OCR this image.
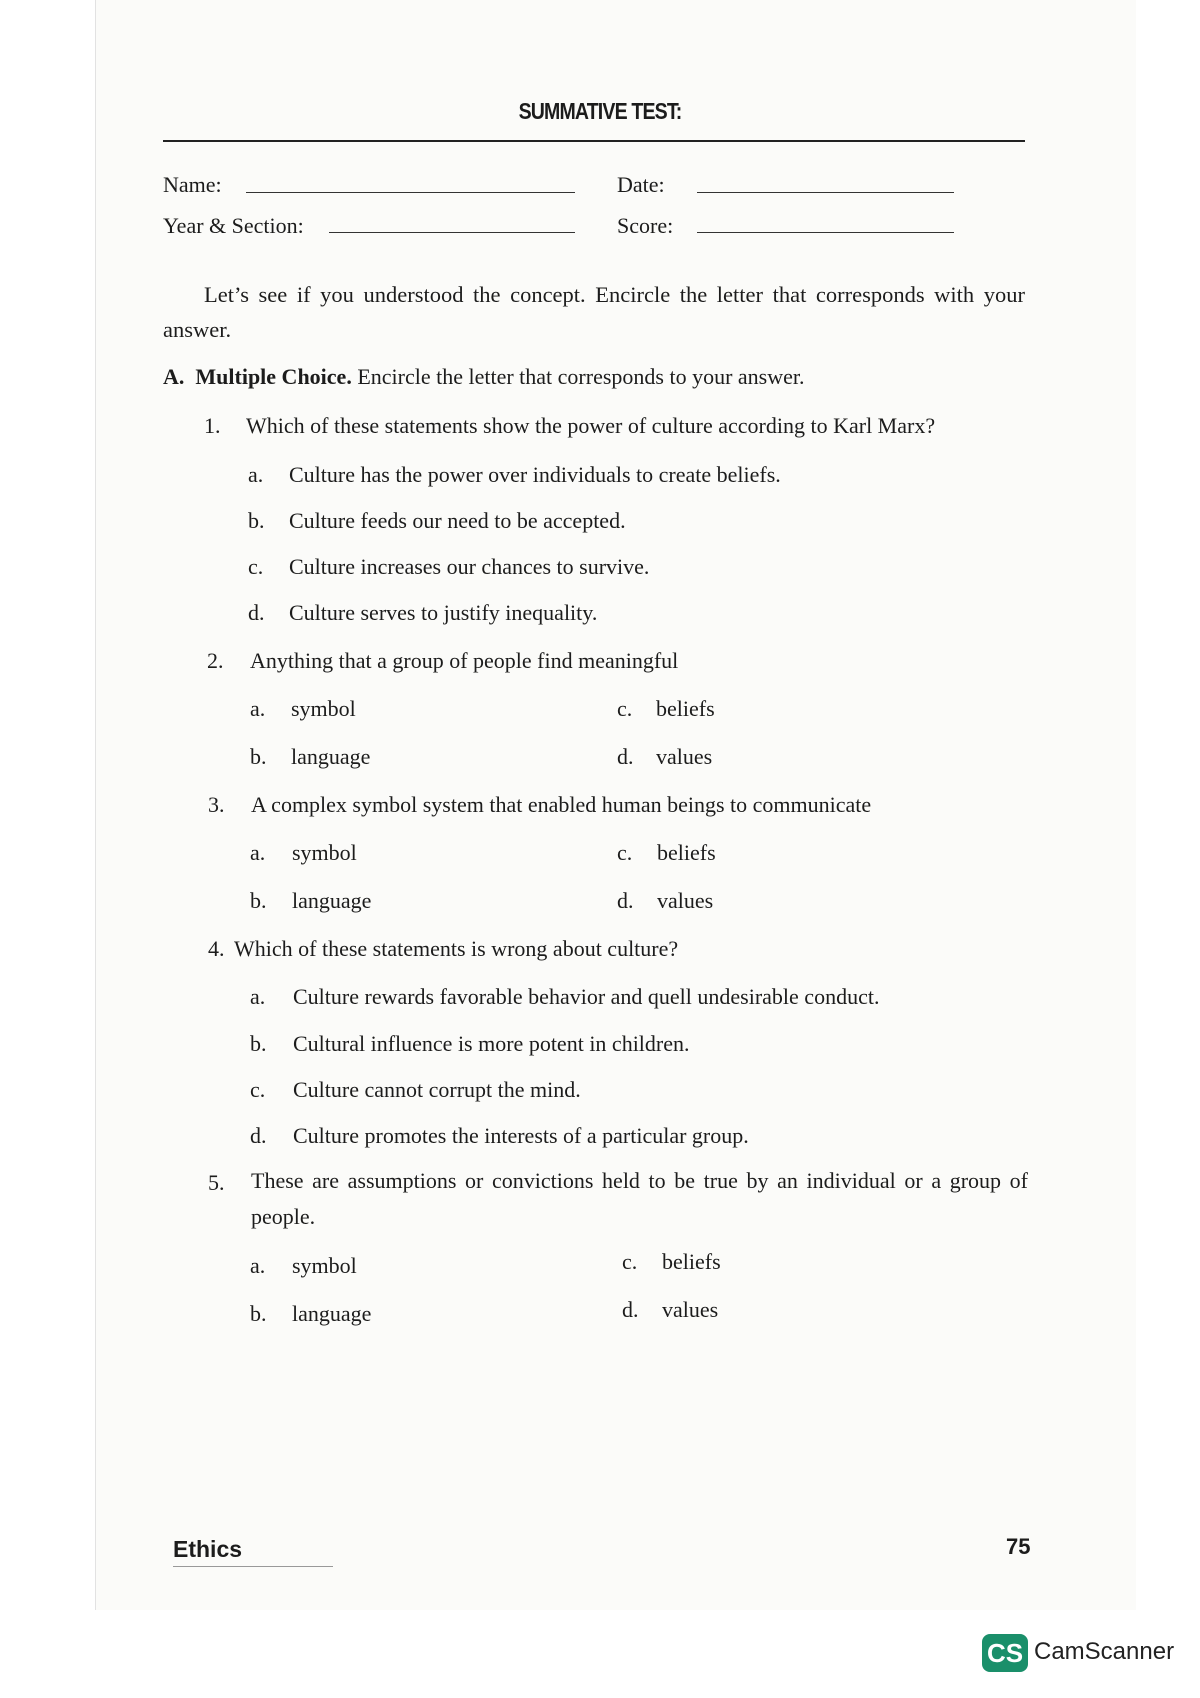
SUMMATIVE TEST:
Name:	Date:
Year & Section:	Score:
Let’s see if you understood the concept. Encircle the letter that corresponds with your answer.
A. Multiple Choice. Encircle the letter that corresponds to your answer.
1. Which of these statements show the power of culture according to Karl Marx?
a. Culture has the power over individuals to create beliefs.
b. Culture feeds our need to be accepted.
c. Culture increases our chances to survive.
d. Culture serves to justify inequality.
2. Anything that a group of people find meaningful
a. symbol
b. language
c. beliefs
d. values
3. A complex symbol system that enabled human beings to communicate
a. symbol
b. language
c. beliefs
d. values
4. Which of these statements is wrong about culture?
a. Culture rewards favorable behavior and quell undesirable conduct.
b. Cultural influence is more potent in children.
c. Culture cannot corrupt the mind.
d. Culture promotes the interests of a particular group.
5. These are assumptions or convictions held to be true by an individual or a group of people.
a. symbol
b. language
c. beliefs
d. values
Ethics	75
CS CamScanner
